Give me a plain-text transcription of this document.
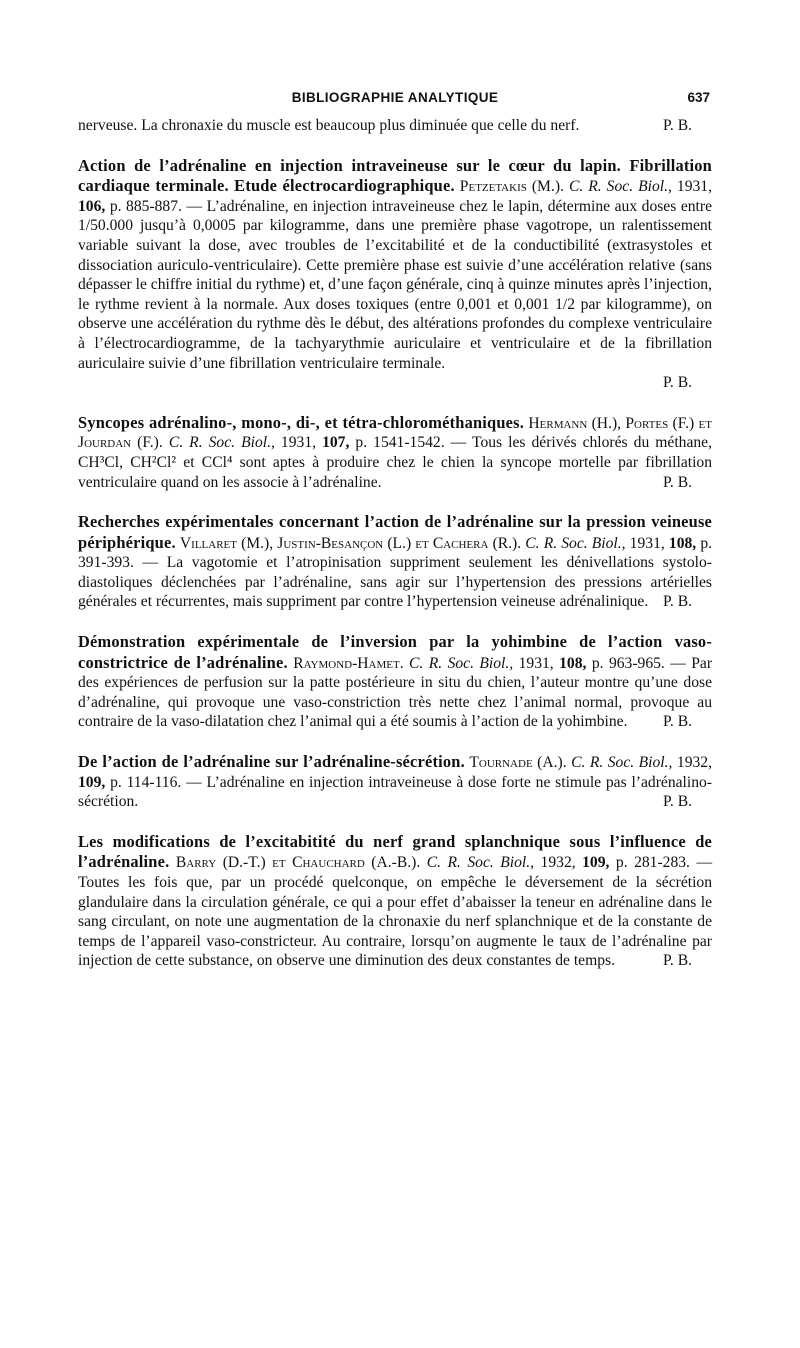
BIBLIOGRAPHIE ANALYTIQUE	637

nerveuse. La chronaxie du muscle est beaucoup plus diminuée que celle du nerf.	P. B.

Action de l’adrénaline en injection intraveineuse sur le cœur du lapin. Fibrillation cardiaque terminale. Etude électrocardiographique. Petzetakis (M.). C. R. Soc. Biol., 1931, 106, p. 885-887. — L’adrénaline, en injection intraveineuse chez le lapin, détermine aux doses entre 1/50.000 jusqu’à 0,0005 par kilogramme, dans une première phase vagotrope, un ralentissement variable suivant la dose, avec troubles de l’excitabilité et de la conductibilité (extrasystoles et dissociation auriculo-ventriculaire). Cette première phase est suivie d’une accélération relative (sans dépasser le chiffre initial du rythme) et, d’une façon générale, cinq à quinze minutes après l’injection, le rythme revient à la normale. Aux doses toxiques (entre 0,001 et 0,001 1/2 par kilogramme), on observe une accélération du rythme dès le début, des altérations profondes du complexe ventriculaire à l’électrocardiogramme, de la tachyarythmie auriculaire et ventriculaire et de la fibrillation auriculaire suivie d’une fibrillation ventriculaire terminale.

P. B.

Syncopes adrénalino-, mono-, di-, et tétra-chlorométhaniques. Hermann (H.), Portes (F.) et Jourdan (F.). C. R. Soc. Biol., 1931, 107, p. 1541-1542. — Tous les dérivés chlorés du méthane, CH³Cl, CH²Cl² et CCl⁴ sont aptes à produire chez le chien la syncope mortelle par fibrillation ventriculaire quand on les associe à l’adrénaline.	P. B.

Recherches expérimentales concernant l’action de l’adrénaline sur la pression veineuse périphérique. Villaret (M.), Justin-Besançon (L.) et Cachera (R.). C. R. Soc. Biol., 1931, 108, p. 391-393. — La vagotomie et l’atropinisation suppriment seulement les dénivellations systolo-diastoliques déclenchées par l’adrénaline, sans agir sur l’hypertension des pressions artérielles générales et récurrentes, mais suppriment par contre l’hypertension veineuse adrénalinique. P. B.

Démonstration expérimentale de l’inversion par la yohimbine de l’action vaso-constrictrice de l’adrénaline. Raymond-Hamet. C. R. Soc. Biol., 1931, 108, p. 963-965. — Par des expériences de perfusion sur la patte postérieure in situ du chien, l’auteur montre qu’une dose d’adrénaline, qui provoque une vaso-constriction très nette chez l’animal normal, provoque au contraire de la vaso-dilatation chez l’animal qui a été soumis à l’action de la yohimbine. P. B.

De l’action de l’adrénaline sur l’adrénaline-sécrétion. Tournade (A.). C. R. Soc. Biol., 1932, 109, p. 114-116. — L’adrénaline en injection intraveineuse à dose forte ne stimule pas l’adrénalino-sécrétion.	P. B.

Les modifications de l’excitabitité du nerf grand splanchnique sous l’influence de l’adrénaline. Barry (D.-T.) et Chauchard (A.-B.). C. R. Soc. Biol., 1932, 109, p. 281-283. — Toutes les fois que, par un procédé quelconque, on empêche le déversement de la sécrétion glandulaire dans la circulation générale, ce qui a pour effet d’abaisser la teneur en adrénaline dans le sang circulant, on note une augmentation de la chronaxie du nerf splanchnique et de la constante de temps de l’appareil vaso-constricteur. Au contraire, lorsqu’on augmente le taux de l’adrénaline par injection de cette substance, on observe une diminution des deux constantes de temps.	P. B.
